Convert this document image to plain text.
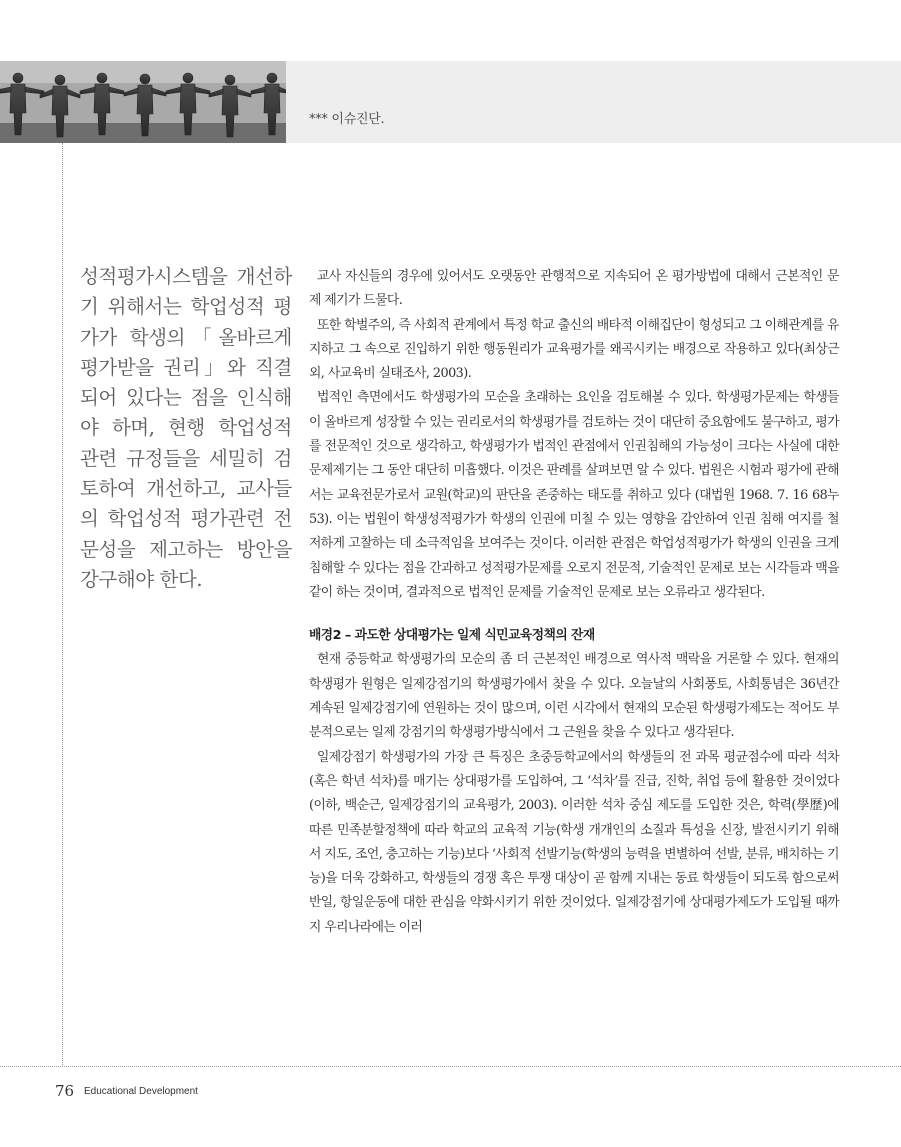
*** 이슈진단.
성적평가시스템을 개선하기 위해서는 학업성적 평가가 학생의「올바르게 평가받을 권리」와 직결되어 있다는 점을 인식해야 하며, 현행 학업성적 관련 규정들을 세밀히 검토하여 개선하고, 교사들의 학업성적 평가관련 전문성을 제고하는 방안을 강구해야 한다.

교사 자신들의 경우에 있어서도 오랫동안 관행적으로 지속되어 온 평가방법에 대해서 근본적인 문제 제기가 드물다.

또한 학벌주의, 즉 사회적 관계에서 특정 학교 출신의 배타적 이해집단이 형성되고 그 이해관계를 유지하고 그 속으로 진입하기 위한 행동원리가 교육평가를 왜곡시키는 배경으로 작용하고 있다(최상근 외, 사교육비 실태조사, 2003).

법적인 측면에서도 학생평가의 모순을 초래하는 요인을 검토해볼 수 있다. 학생평가문제는 학생들이 올바르게 성장할 수 있는 권리로서의 학생평가를 검토하는 것이 대단히 중요함에도 불구하고, 평가를 전문적인 것으로 생각하고, 학생평가가 법적인 관점에서 인권침해의 가능성이 크다는 사실에 대한 문제제기는 그 동안 대단히 미흡했다. 이것은 판례를 살펴보면 알 수 있다. 법원은 시험과 평가에 관해서는 교육전문가로서 교원(학교)의 판단을 존중하는 태도를 취하고 있다 (대법원 1968. 7. 16 68누 53). 이는 법원이 학생성적평가가 학생의 인권에 미칠 수 있는 영향을 감안하여 인권 침해 여지를 철저하게 고찰하는 데 소극적임을 보여주는 것이다. 이러한 관점은 학업성적평가가 학생의 인권을 크게 침해할 수 있다는 점을 간과하고 성적평가문제를 오로지 전문적, 기술적인 문제로 보는 시각들과 맥을 같이 하는 것이며, 결과적으로 법적인 문제를 기술적인 문제로 보는 오류라고 생각된다.

배경2 – 과도한 상대평가는 일제 식민교육정책의 잔재

현재 중등학교 학생평가의 모순의 좀 더 근본적인 배경으로 역사적 맥락을 거론할 수 있다. 현재의 학생평가 원형은 일제강점기의 학생평가에서 찾을 수 있다. 오늘날의 사회풍토, 사회통념은 36년간 계속된 일제강점기에 연원하는 것이 많으며, 이런 시각에서 현재의 모순된 학생평가제도는 적어도 부분적으로는 일제 강점기의 학생평가방식에서 그 근원을 찾을 수 있다고 생각된다.

일제강점기 학생평가의 가장 큰 특징은 초중등학교에서의 학생들의 전 과목 평균점수에 따라 석차(혹은 학년 석차)를 매기는 상대평가를 도입하여, 그 ‘석차’를 진급, 진학, 취업 등에 활용한 것이었다(이하, 백순근, 일제강점기의 교육평가, 2003). 이러한 석차 중심 제도를 도입한 것은, 학력(學歷)에 따른 민족분할정책에 따라 학교의 교육적 기능(학생 개개인의 소질과 특성을 신장, 발전시키기 위해서 지도, 조언, 충고하는 기능)보다 ‘사회적 선발기능(학생의 능력을 변별하여 선발, 분류, 배치하는 기능)을 더욱 강화하고, 학생들의 경쟁 혹은 투쟁 대상이 곧 함께 지내는 동료 학생들이 되도록 함으로써 반일, 항일운동에 대한 관심을 약화시키기 위한 것이었다. 일제강점기에 상대평가제도가 도입될 때까지 우리나라에는 이러

76 Educational Development
